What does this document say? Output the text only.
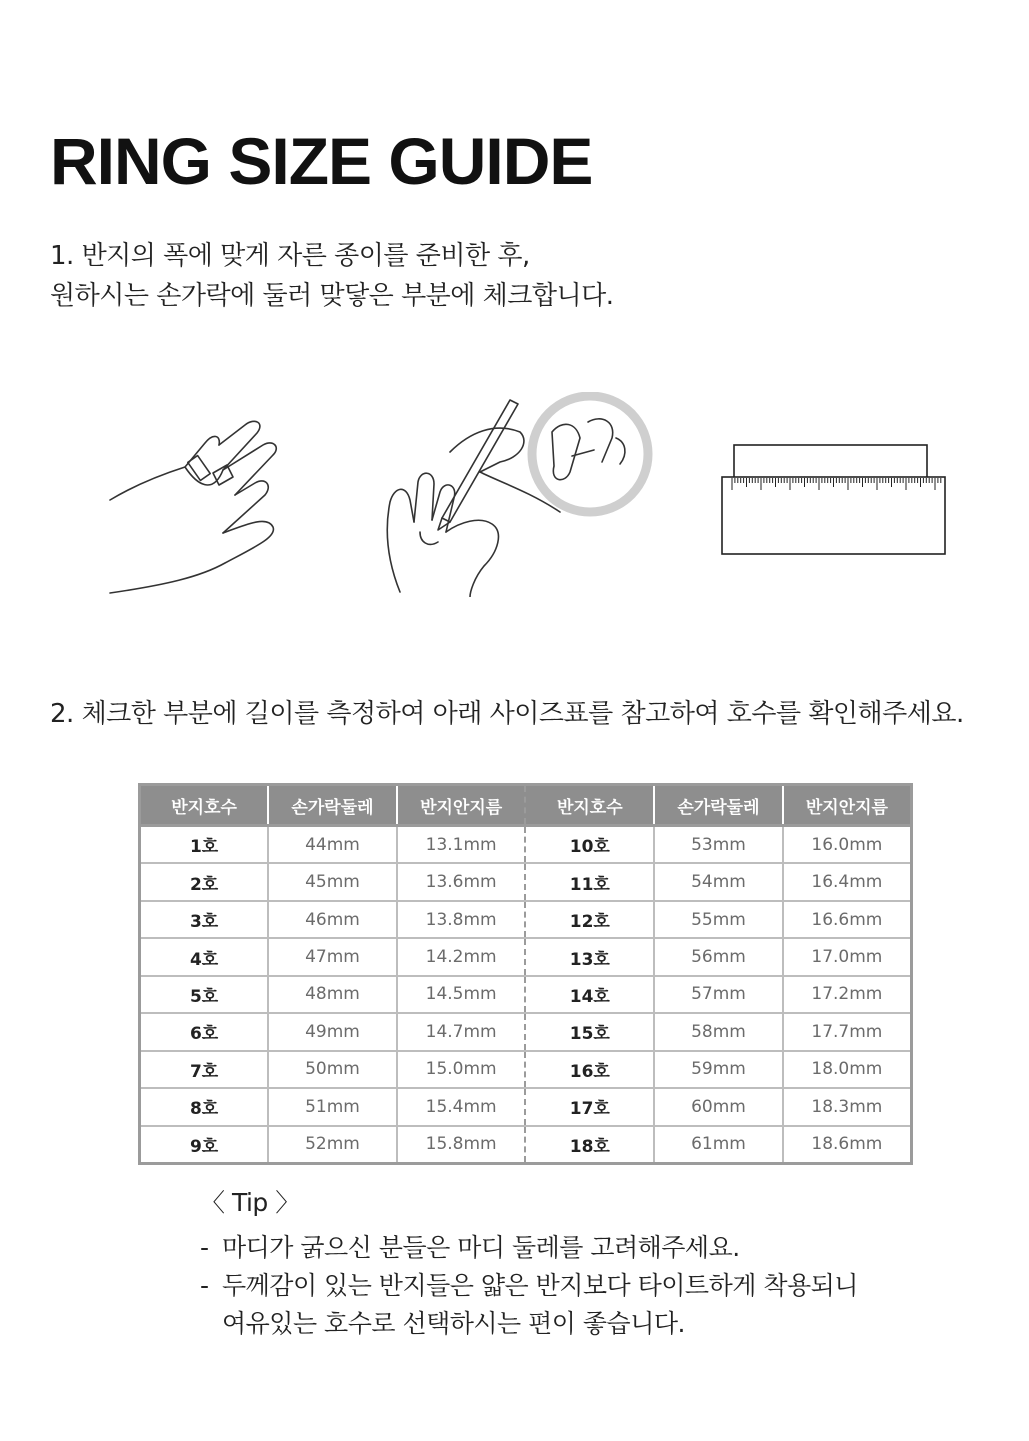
RING SIZE GUIDE

1. 반지의 폭에 맞게 자른 종이를 준비한 후,

원하시는 손가락에 둘러 맞닿은 부분에 체크합니다.

2. 체크한 부분에 길이를 측정하여 아래 사이즈표를 참고하여 호수를 확인해주세요.
반지호수	손가락둘레	반지안지름	반지호수	손가락둘레	반지안지름
1호	44mm	13.1mm	10호	53mm	16.0mm
2호	45mm	13.6mm	11호	54mm	16.4mm
3호	46mm	13.8mm	12호	55mm	16.6mm
4호	47mm	14.2mm	13호	56mm	17.0mm
5호	48mm	14.5mm	14호	57mm	17.2mm
6호	49mm	14.7mm	15호	58mm	17.7mm
7호	50mm	15.0mm	16호	59mm	18.0mm
8호	51mm	15.4mm	17호	60mm	18.3mm
9호	52mm	15.8mm	18호	61mm	18.6mm

〈 Tip 〉

- 마디가 굵으신 분들은 마디 둘레를 고려해주세요.
- 두께감이 있는 반지들은 얇은 반지보다 타이트하게 착용되니
여유있는 호수로 선택하시는 편이 좋습니다.
